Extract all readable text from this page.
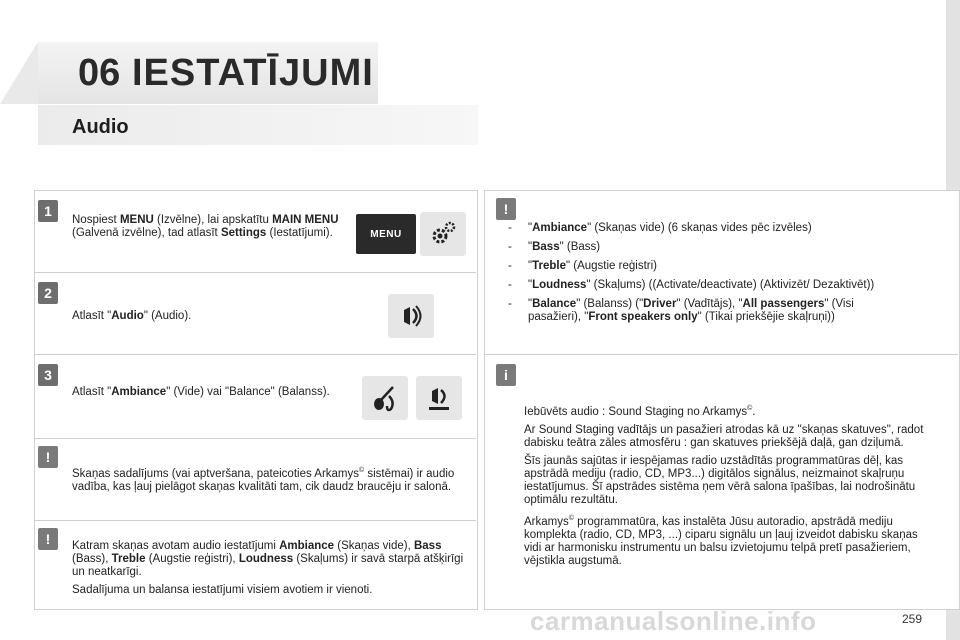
06 IESTATĪJUMI
Audio
1
Nospiest MENU (Izvēlne), lai apskatītu MAIN MENU (Galvenā izvēlne), tad atlasīt Settings (Iestatījumi).	MENU
2
Atlasīt "Audio" (Audio).
3
Atlasīt "Ambiance" (Vide) vai "Balance" (Balanss).
!
Skaņas sadalījums (vai aptveršana, pateicoties Arkamys© sistēmai) ir audio vadība, kas ļauj pielāgot skaņas kvalitāti tam, cik daudz braucēju ir salonā.
!	Katram skaņas avotam audio iestatījumi Ambiance (Skaņas vide), Bass (Bass), Treble (Augstie reģistri), Loudness (Skaļums) ir savā starpā atšķirīgi un neatkarīgi.
Sadalījuma un balansa iestatījumi visiem avotiem ir vienoti.
!
- "Ambiance" (Skaņas vide) (6 skaņas vides pēc izvēles)
- "Bass" (Bass)
- "Treble" (Augstie reģistri)
- "Loudness" (Skaļums) ((Activate/deactivate) (Aktivizēt/ Dezaktivēt))
- "Balance" (Balanss) ("Driver" (Vadītājs), "All passengers" (Visi pasažieri), "Front speakers only" (Tikai priekšējie skaļruņi))
i
Iebūvēts audio : Sound Staging no Arkamys©.
Ar Sound Staging vadītājs un pasažieri atrodas kā uz "skaņas skatuves", radot dabisku teātra zāles atmosfēru : gan skatuves priekšējā daļā, gan dziļumā.
Šīs jaunās sajūtas ir iespējamas radio uzstādītās programmatūras dēļ, kas apstrādā mediju (radio, CD, MP3...) digitālos signālus, neizmainot skaļruņu iestatījumus. Šī apstrādes sistēma ņem vērā salona īpašības, lai nodrošinātu optimālu rezultātu.
Arkamys© programmatūra, kas instalēta Jūsu autoradio, apstrādā mediju komplekta (radio, CD, MP3, ...) ciparu signālu un ļauj izveidot dabisku skaņas vidi ar harmonisku instrumentu un balsu izvietojumu telpā pretī pasažieriem, vējstikla augstumā.
carmanualsonline.info	259
